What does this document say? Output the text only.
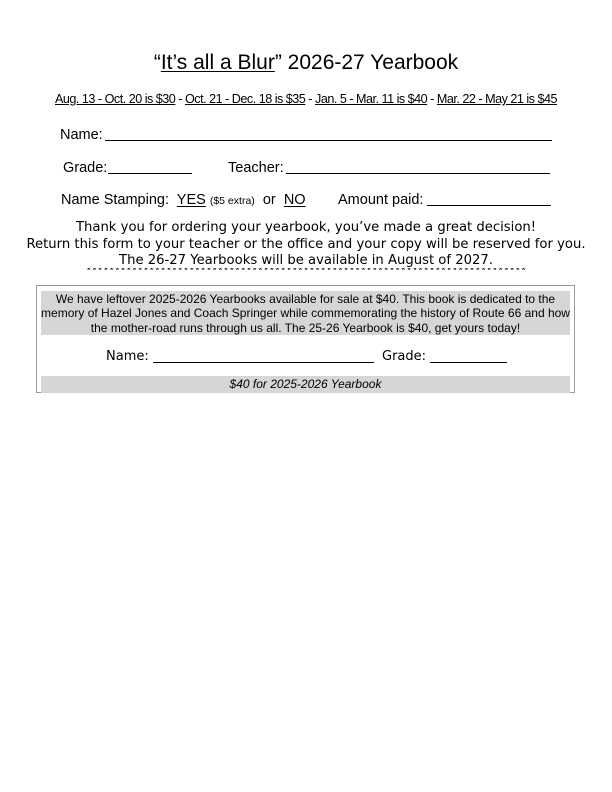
“It’s all a Blur” 2026-27 Yearbook
Aug. 13 - Oct. 20 is $30 - Oct. 21 - Dec. 18 is $35 - Jan. 5 - Mar. 11 is $40 - Mar. 22 - May 21 is $45
Name:
Grade:	Teacher:
Name Stamping: YES ($5 extra) or NO Amount paid:
Thank you for ordering your yearbook, you’ve made a great decision!
Return this form to your teacher or the office and your copy will be reserved for you.
The 26-27 Yearbooks will be available in August of 2027.
*****************************************************************************
We have leftover 2025-2026 Yearbooks available for sale at $40. This book is dedicated to the memory of Hazel Jones and Coach Springer while commemorating the history of Route 66 and how the mother-road runs through us all. The 25-26 Yearbook is $40, get yours today!
Name:	Grade:
$40 for 2025-2026 Yearbook
